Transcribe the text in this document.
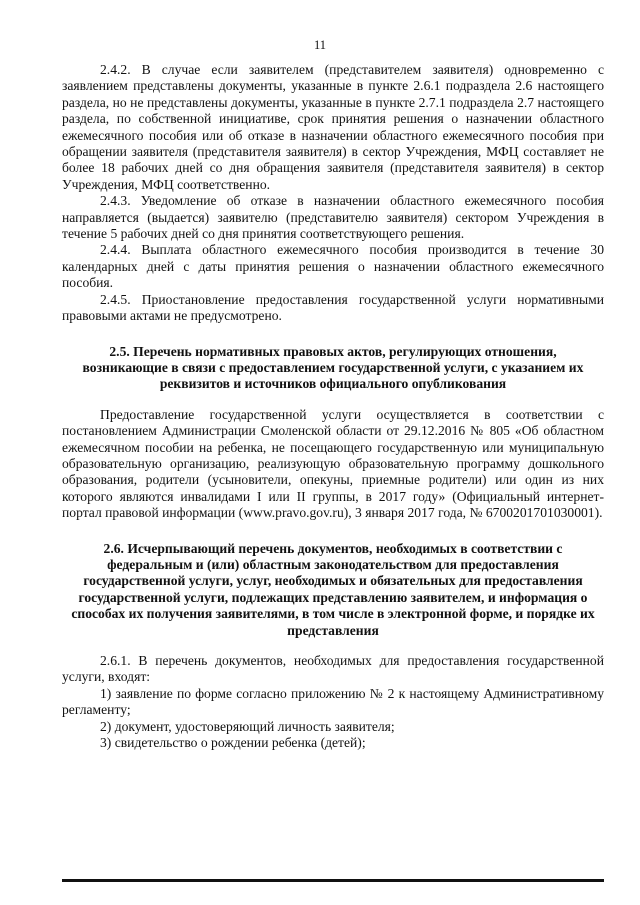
11

2.4.2. В случае если заявителем (представителем заявителя) одновременно с заявлением представлены документы, указанные в пункте 2.6.1 подраздела 2.6 настоящего раздела, но не представлены документы, указанные в пункте 2.7.1 подраздела 2.7 настоящего раздела, по собственной инициативе, срок принятия решения о назначении областного ежемесячного пособия или об отказе в назначении областного ежемесячного пособия при обращении заявителя (представителя заявителя) в сектор Учреждения, МФЦ составляет не более 18 рабочих дней со дня обращения заявителя (представителя заявителя) в сектор Учреждения, МФЦ соответственно.

2.4.3. Уведомление об отказе в назначении областного ежемесячного пособия направляется (выдается) заявителю (представителю заявителя) сектором Учреждения в течение 5 рабочих дней со дня принятия соответствующего решения.

2.4.4. Выплата областного ежемесячного пособия производится в течение 30 календарных дней с даты принятия решения о назначении областного ежемесячного пособия.

2.4.5. Приостановление предоставления государственной услуги нормативными правовыми актами не предусмотрено.

2.5. Перечень нормативных правовых актов, регулирующих отношения, возникающие в связи с предоставлением государственной услуги, с указанием их реквизитов и источников официального опубликования

Предоставление государственной услуги осуществляется в соответствии с постановлением Администрации Смоленской области от 29.12.2016 № 805 «Об областном ежемесячном пособии на ребенка, не посещающего государственную или муниципальную образовательную организацию, реализующую образовательную программу дошкольного образования, родители (усыновители, опекуны, приемные родители) или один из них которого являются инвалидами I или II группы, в 2017 году» (Официальный интернет-портал правовой информации (www.pravo.gov.ru), 3 января 2017 года, № 6700201701030001).

2.6. Исчерпывающий перечень документов, необходимых в соответствии с федеральным и (или) областным законодательством для предоставления государственной услуги, услуг, необходимых и обязательных для предоставления государственной услуги, подлежащих представлению заявителем, и информация о способах их получения заявителями, в том числе в электронной форме, и порядке их представления

2.6.1. В перечень документов, необходимых для предоставления государственной услуги, входят:

1) заявление по форме согласно приложению № 2 к настоящему Административному регламенту;

2) документ, удостоверяющий личность заявителя;

3) свидетельство о рождении ребенка (детей);
